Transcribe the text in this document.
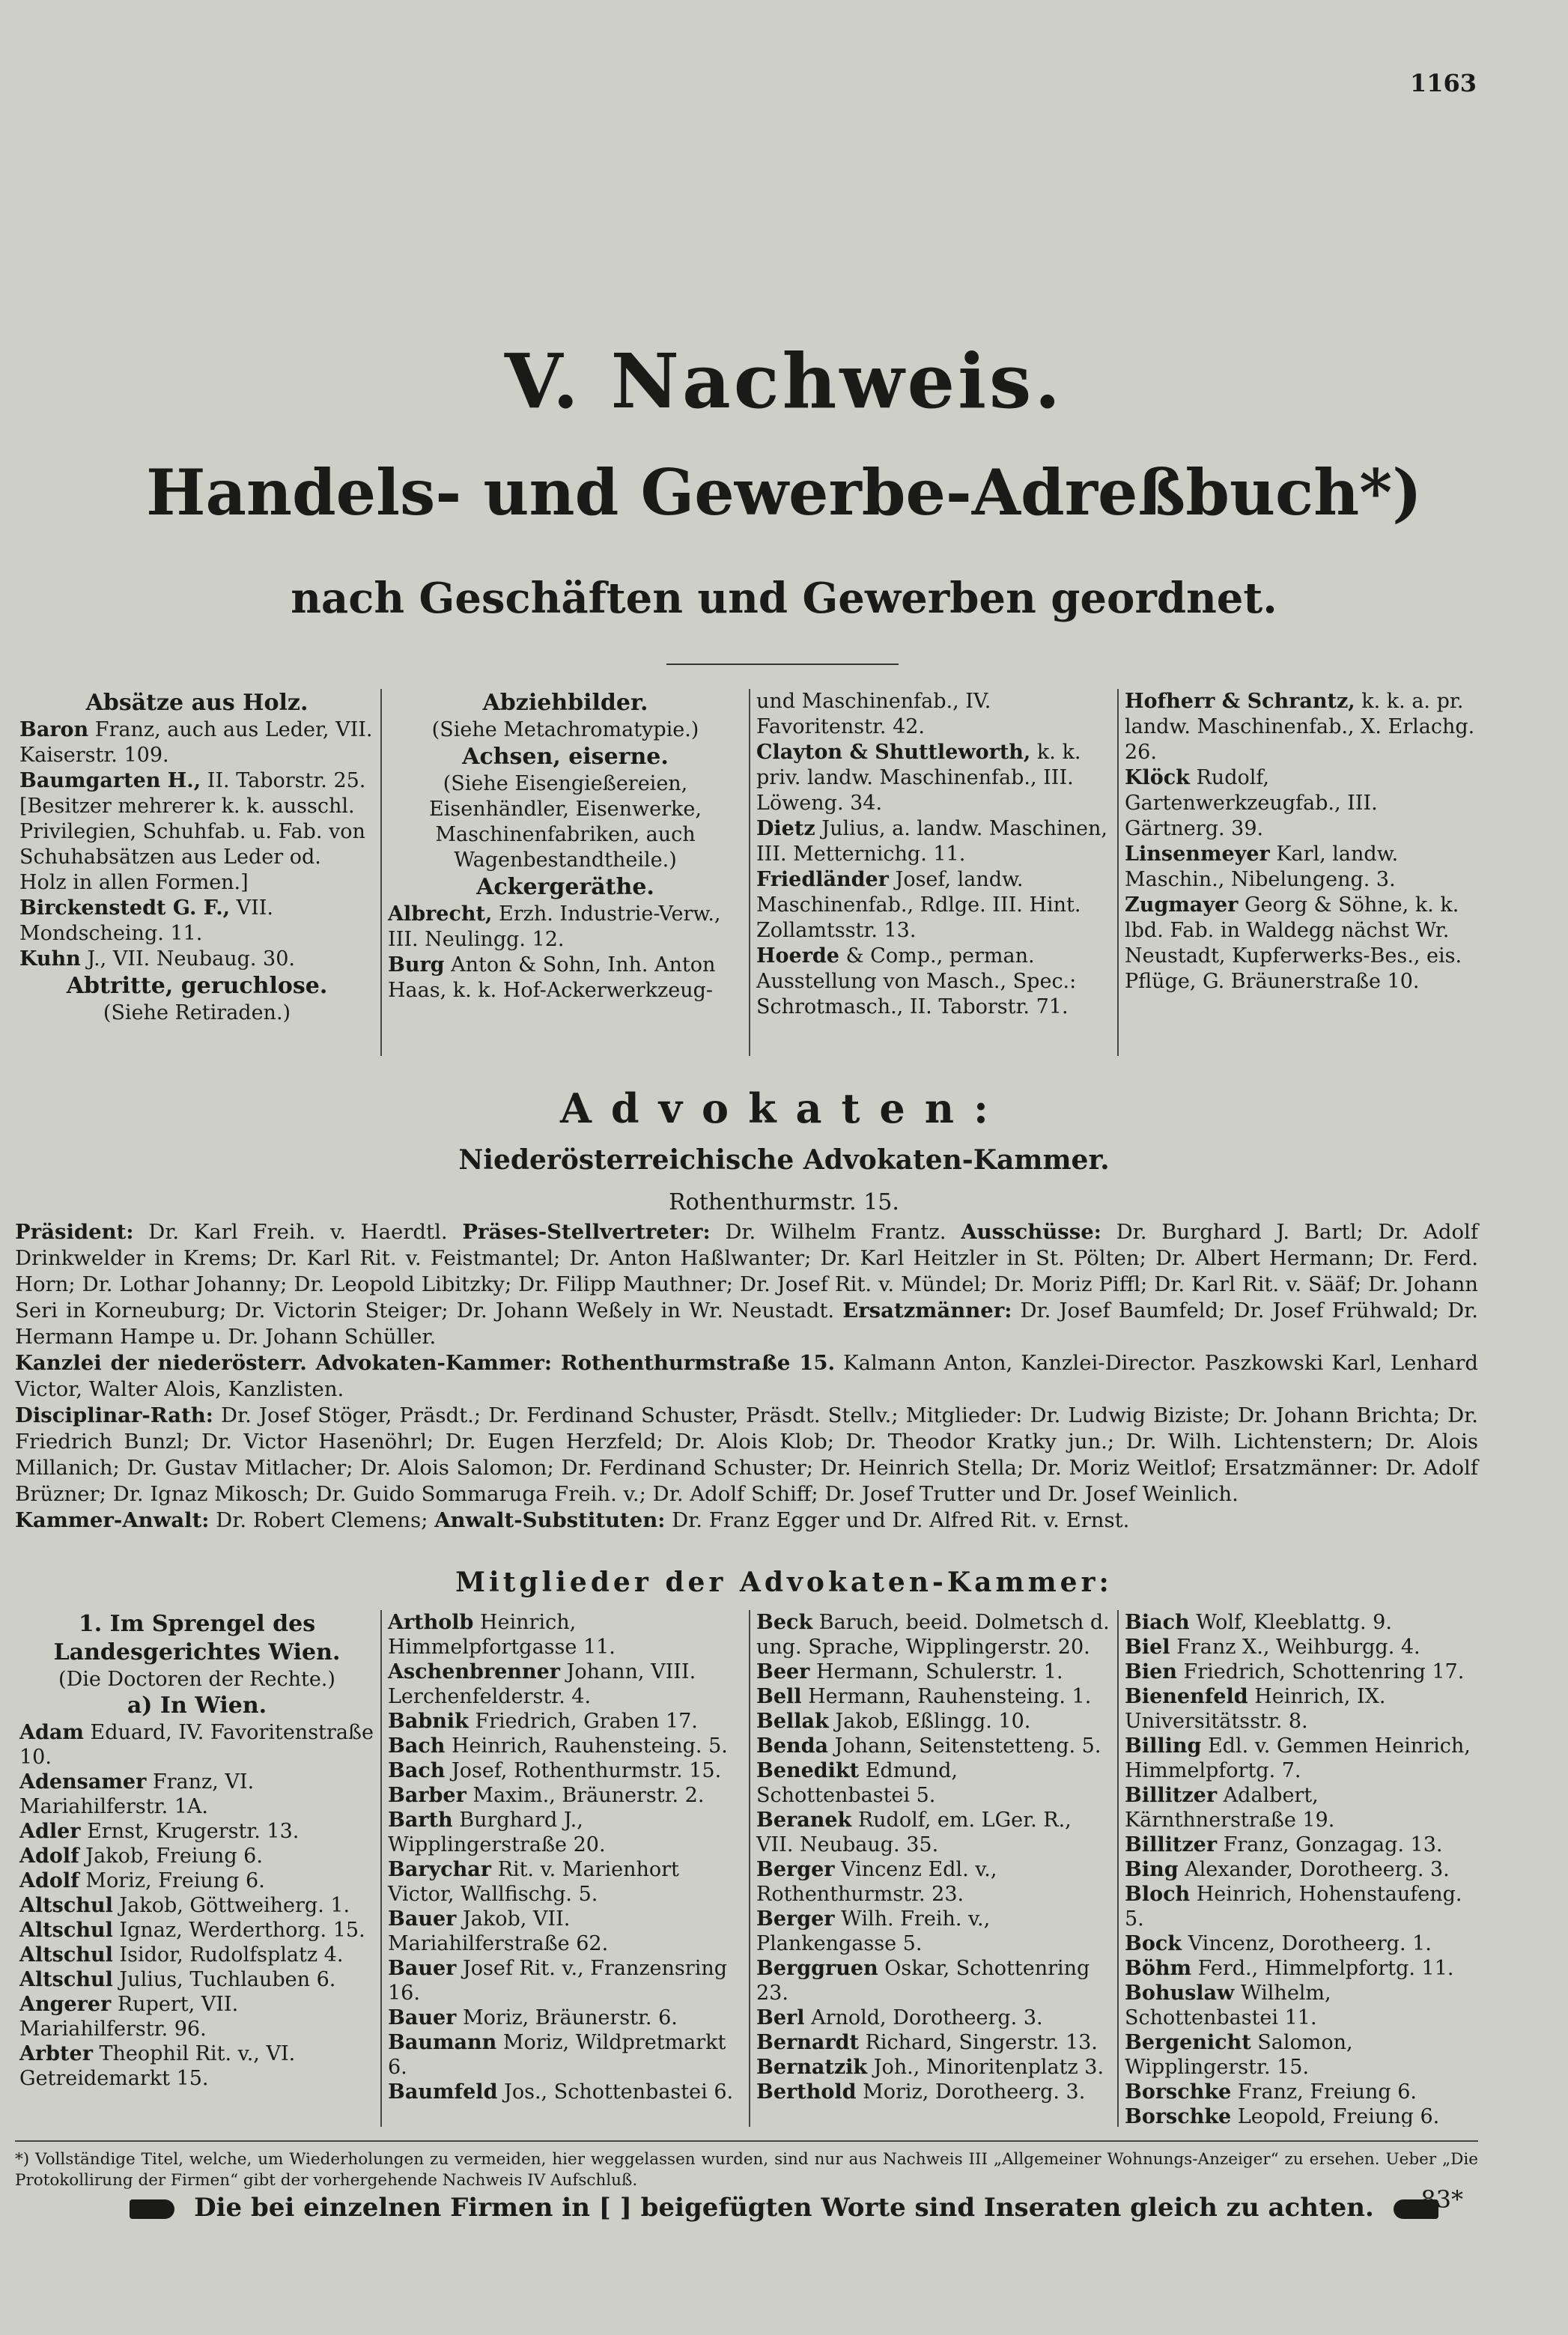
1163
V. Nachweis.
Handels- und Gewerbe-Adreßbuch*)
nach Geschäften und Gewerben geordnet.

Absätze aus Holz.

Baron Franz, auch aus Leder, VII. Kaiserstr. 109.

Baumgarten H., II. Taborstr. 25. [Besitzer mehrerer k. k. ausschl. Privilegien, Schuhfab. u. Fab. von Schuhabsätzen aus Leder od. Holz in allen Formen.]

Birckenstedt G. F., VII. Mondscheing. 11.

Kuhn J., VII. Neubaug. 30.

Abtritte, geruchlose.

(Siehe Retiraden.)

Abziehbilder.

(Siehe Metachromatypie.)

Achsen, eiserne.

(Siehe Eisengießereien, Eisenhändler, Eisenwerke, Maschinenfabriken, auch Wagenbestandtheile.)

Ackergeräthe.

Albrecht, Erzh. Industrie-Verw., III. Neulingg. 12.

Burg Anton & Sohn, Inh. Anton Haas, k. k. Hof-Ackerwerkzeug-

und Maschinenfab., IV. Favoritenstr. 42.

Clayton & Shuttleworth, k. k. priv. landw. Maschinenfab., III. Löweng. 34.

Dietz Julius, a. landw. Maschinen, III. Metternichg. 11.

Friedländer Josef, landw. Maschinenfab., Rdlge. III. Hint. Zollamtsstr. 13.

Hoerde & Comp., perman. Ausstellung von Masch., Spec.: Schrotmasch., II. Taborstr. 71.

Hofherr & Schrantz, k. k. a. pr. landw. Maschinenfab., X. Erlachg. 26.

Klöck Rudolf, Gartenwerkzeugfab., III. Gärtnerg. 39.

Linsenmeyer Karl, landw. Maschin., Nibelungeng. 3.

Zugmayer Georg & Söhne, k. k. lbd. Fab. in Waldegg nächst Wr. Neustadt, Kupferwerks-Bes., eis. Pflüge, G. Bräunerstraße 10.

Advokaten:
Niederösterreichische Advokaten-Kammer.
Rothenthurmstr. 15.
Präsident: Dr. Karl Freih. v. Haerdtl. Präses-Stellvertreter: Dr. Wilhelm Frantz. Ausschüsse: Dr. Burghard J. Bartl; Dr. Adolf Drinkwelder in Krems; Dr. Karl Rit. v. Feistmantel; Dr. Anton Haßlwanter; Dr. Karl Heitzler in St. Pölten; Dr. Albert Hermann; Dr. Ferd. Horn; Dr. Lothar Johanny; Dr. Leopold Libitzky; Dr. Filipp Mauthner; Dr. Josef Rit. v. Mündel; Dr. Moriz Piffl; Dr. Karl Rit. v. Sääf; Dr. Johann Seri in Korneuburg; Dr. Victorin Steiger; Dr. Johann Weßely in Wr. Neustadt. Ersatzmänner: Dr. Josef Baumfeld; Dr. Josef Frühwald; Dr. Hermann Hampe u. Dr. Johann Schüller.
Kanzlei der niederösterr. Advokaten-Kammer: Rothenthurmstraße 15. Kalmann Anton, Kanzlei-Director. Paszkowski Karl, Lenhard Victor, Walter Alois, Kanzlisten.
Disciplinar-Rath: Dr. Josef Stöger, Präsdt.; Dr. Ferdinand Schuster, Präsdt. Stellv.; Mitglieder: Dr. Ludwig Biziste; Dr. Johann Brichta; Dr. Friedrich Bunzl; Dr. Victor Hasenöhrl; Dr. Eugen Herzfeld; Dr. Alois Klob; Dr. Theodor Kratky jun.; Dr. Wilh. Lichtenstern; Dr. Alois Millanich; Dr. Gustav Mitlacher; Dr. Alois Salomon; Dr. Ferdinand Schuster; Dr. Heinrich Stella; Dr. Moriz Weitlof; Ersatzmänner: Dr. Adolf Brüzner; Dr. Ignaz Mikosch; Dr. Guido Sommaruga Freih. v.; Dr. Adolf Schiff; Dr. Josef Trutter und Dr. Josef Weinlich.
Kammer-Anwalt: Dr. Robert Clemens; Anwalt-Substituten: Dr. Franz Egger und Dr. Alfred Rit. v. Ernst.
Mitglieder der Advokaten-Kammer:

1. Im Sprengel des Landesgerichtes Wien.

(Die Doctoren der Rechte.)

a) In Wien.

Adam Eduard, IV. Favoritenstraße 10.

Adensamer Franz, VI. Mariahilferstr. 1A.

Adler Ernst, Krugerstr. 13.

Adolf Jakob, Freiung 6.

Adolf Moriz, Freiung 6.

Altschul Jakob, Göttweiherg. 1.

Altschul Ignaz, Werderthorg. 15.

Altschul Isidor, Rudolfsplatz 4.

Altschul Julius, Tuchlauben 6.

Angerer Rupert, VII. Mariahilferstr. 96.

Arbter Theophil Rit. v., VI. Getreidemarkt 15.

Artholb Heinrich, Himmelpfortgasse 11.

Aschenbrenner Johann, VIII. Lerchenfelderstr. 4.

Babnik Friedrich, Graben 17.

Bach Heinrich, Rauhensteing. 5.

Bach Josef, Rothenthurmstr. 15.

Barber Maxim., Bräunerstr. 2.

Barth Burghard J., Wipplingerstraße 20.

Barychar Rit. v. Marienhort Victor, Wallfischg. 5.

Bauer Jakob, VII. Mariahilferstraße 62.

Bauer Josef Rit. v., Franzensring 16.

Bauer Moriz, Bräunerstr. 6.

Baumann Moriz, Wildpretmarkt 6.

Baumfeld Jos., Schottenbastei 6.

Beck Baruch, beeid. Dolmetsch d. ung. Sprache, Wipplingerstr. 20.

Beer Hermann, Schulerstr. 1.

Bell Hermann, Rauhensteing. 1.

Bellak Jakob, Eßlingg. 10.

Benda Johann, Seitenstetteng. 5.

Benedikt Edmund, Schottenbastei 5.

Beranek Rudolf, em. LGer. R., VII. Neubaug. 35.

Berger Vincenz Edl. v., Rothenthurmstr. 23.

Berger Wilh. Freih. v., Plankengasse 5.

Berggruen Oskar, Schottenring 23.

Berl Arnold, Dorotheerg. 3.

Bernardt Richard, Singerstr. 13.

Bernatzik Joh., Minoritenplatz 3.

Berthold Moriz, Dorotheerg. 3.

Biach Wolf, Kleeblattg. 9.

Biel Franz X., Weihburgg. 4.

Bien Friedrich, Schottenring 17.

Bienenfeld Heinrich, IX. Universitätsstr. 8.

Billing Edl. v. Gemmen Heinrich, Himmelpfortg. 7.

Billitzer Adalbert, Kärnthnerstraße 19.

Billitzer Franz, Gonzagag. 13.

Bing Alexander, Dorotheerg. 3.

Bloch Heinrich, Hohenstaufeng. 5.

Bock Vincenz, Dorotheerg. 1.

Böhm Ferd., Himmelpfortg. 11.

Bohuslaw Wilhelm, Schottenbastei 11.

Bergenicht Salomon, Wipplingerstr. 15.

Borschke Franz, Freiung 6.

Borschke Leopold, Freiung 6.

*) Vollständige Titel, welche, um Wiederholungen zu vermeiden, hier weggelassen wurden, sind nur aus Nachweis III „Allgemeiner Wohnungs-Anzeiger“ zu ersehen. Ueber „Die Protokollirung der Firmen“ gibt der vorhergehende Nachweis IV Aufschluß.
Die bei einzelnen Firmen in [ ] beigefügten Worte sind Inseraten gleich zu achten.	83*
